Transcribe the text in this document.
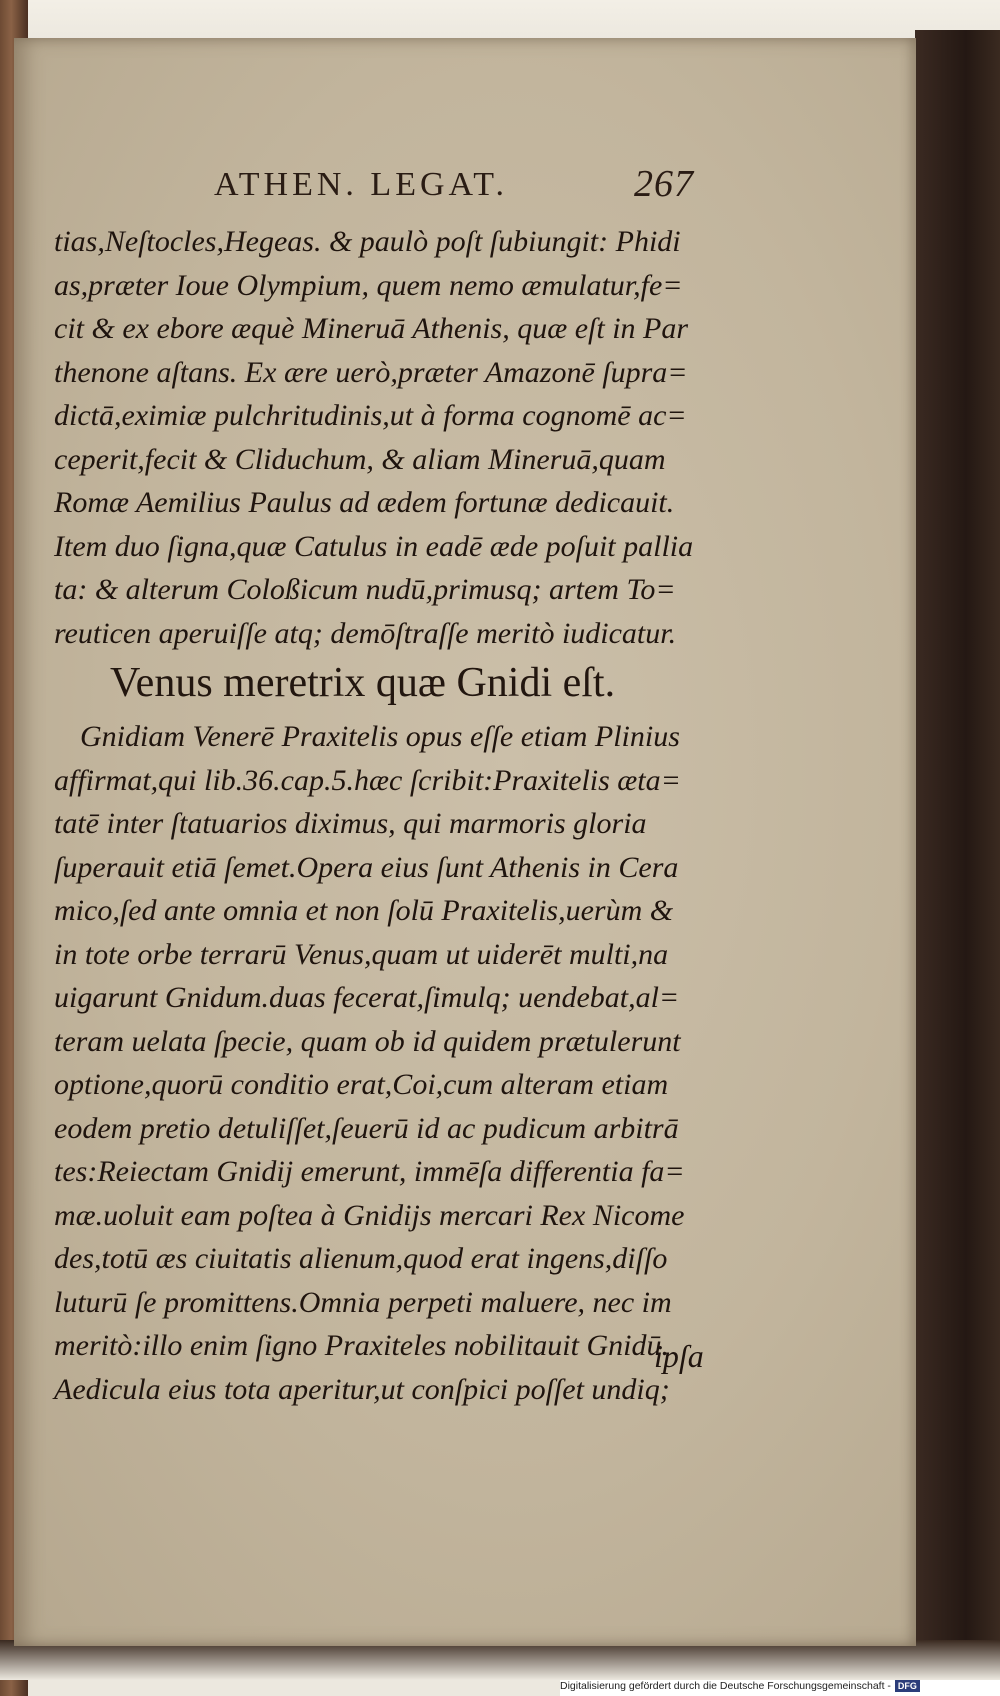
ATHEN. LEGAT.	267
tias,Neſtocles,Hegeas. & paulò poſt ſubiungit: Phidi
as,præter Ioue Olympium, quem nemo æmulatur,fe=
cit & ex ebore æquè Mineruā Athenis, quæ eſt in Par
thenone aſtans. Ex ære uerò,præter Amazonē ſupra=
dictā,eximiæ pulchritudinis,ut à forma cognomē ac=
ceperit,fecit & Cliduchum, & aliam Mineruā,quam
Romæ Aemilius Paulus ad ædem fortunæ dedicauit.
Item duo ſigna,quæ Catulus in eadē æde poſuit pallia
ta: & alterum Coloßicum nudū,primusq; artem To=
reuticen aperuiſſe atq; demōſtraſſe meritò iudicatur.
Venus meretrix quæ Gnidi eſt.
Gnidiam Venerē Praxitelis opus eſſe etiam Plinius
affirmat,qui lib.36.cap.5.hæc ſcribit:Praxitelis æta=
tatē inter ſtatuarios diximus, qui marmoris gloria
ſuperauit etiā ſemet.Opera eius ſunt Athenis in Cera
mico,ſed ante omnia et non ſolū Praxitelis,uerùm &
in tote orbe terrarū Venus,quam ut uiderēt multi,na
uigarunt Gnidum.duas fecerat,ſimulq; uendebat,al=
teram uelata ſpecie, quam ob id quidem prætulerunt
optione,quorū conditio erat,Coi,cum alteram etiam
eodem pretio detuliſſet,ſeuerū id ac pudicum arbitrā
tes:Reiectam Gnidij emerunt, immēſa differentia fa=
mæ.uoluit eam poſtea à Gnidijs mercari Rex Nicome
des,totū æs ciuitatis alienum,quod erat ingens,diſſo
luturū ſe promittens.Omnia perpeti maluere, nec im
meritò:illo enim ſigno Praxiteles nobilitauit Gnidū.
Aedicula eius tota aperitur,ut conſpici poſſet undiq;
ipſa
Digitalisierung gefördert durch die Deutsche Forschungsgemeinschaft - DFG
